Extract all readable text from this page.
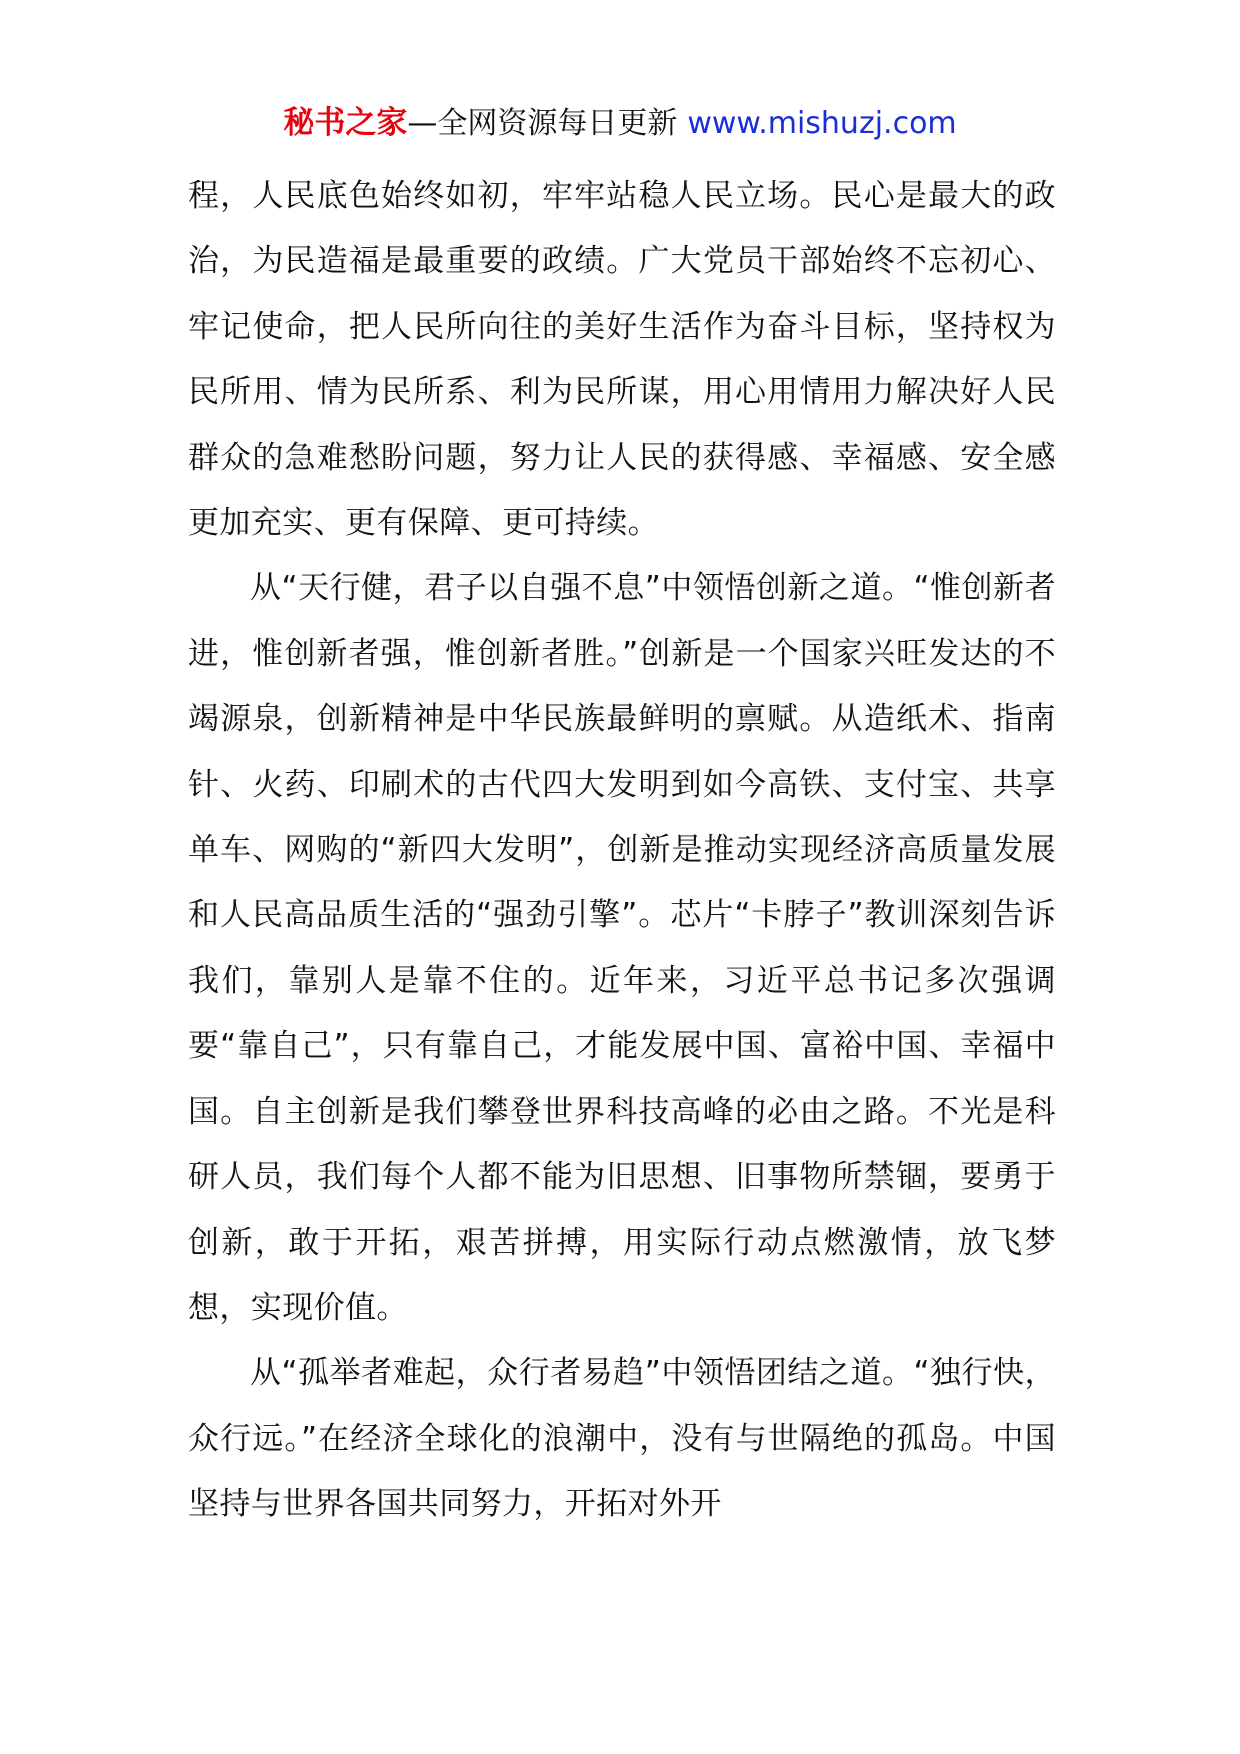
秘书之家—全网资源每日更新 www.mishuzj.com

程，人民底色始终如初，牢牢站稳人民立场。民心是最大的政治，为民造福是最重要的政绩。广大党员干部始终不忘初心、牢记使命，把人民所向往的美好生活作为奋斗目标，坚持权为民所用、情为民所系、利为民所谋，用心用情用力解决好人民群众的急难愁盼问题，努力让人民的获得感、幸福感、安全感更加充实、更有保障、更可持续。

从“天行健，君子以自强不息”中领悟创新之道。“惟创新者进，惟创新者强，惟创新者胜。”创新是一个国家兴旺发达的不竭源泉，创新精神是中华民族最鲜明的禀赋。从造纸术、指南针、火药、印刷术的古代四大发明到如今高铁、支付宝、共享单车、网购的“新四大发明”，创新是推动实现经济高质量发展和人民高品质生活的“强劲引擎”。芯片“卡脖子”教训深刻告诉我们，靠别人是靠不住的。近年来，习近平总书记多次强调要“靠自己”，只有靠自己，才能发展中国、富裕中国、幸福中国。自主创新是我们攀登世界科技高峰的必由之路。不光是科研人员，我们每个人都不能为旧思想、旧事物所禁锢，要勇于创新，敢于开拓，艰苦拼搏，用实际行动点燃激情，放飞梦想，实现价值。

从“孤举者难起，众行者易趋”中领悟团结之道。“独行快，众行远。”在经济全球化的浪潮中，没有与世隔绝的孤岛。中国坚持与世界各国共同努力，开拓对外开
